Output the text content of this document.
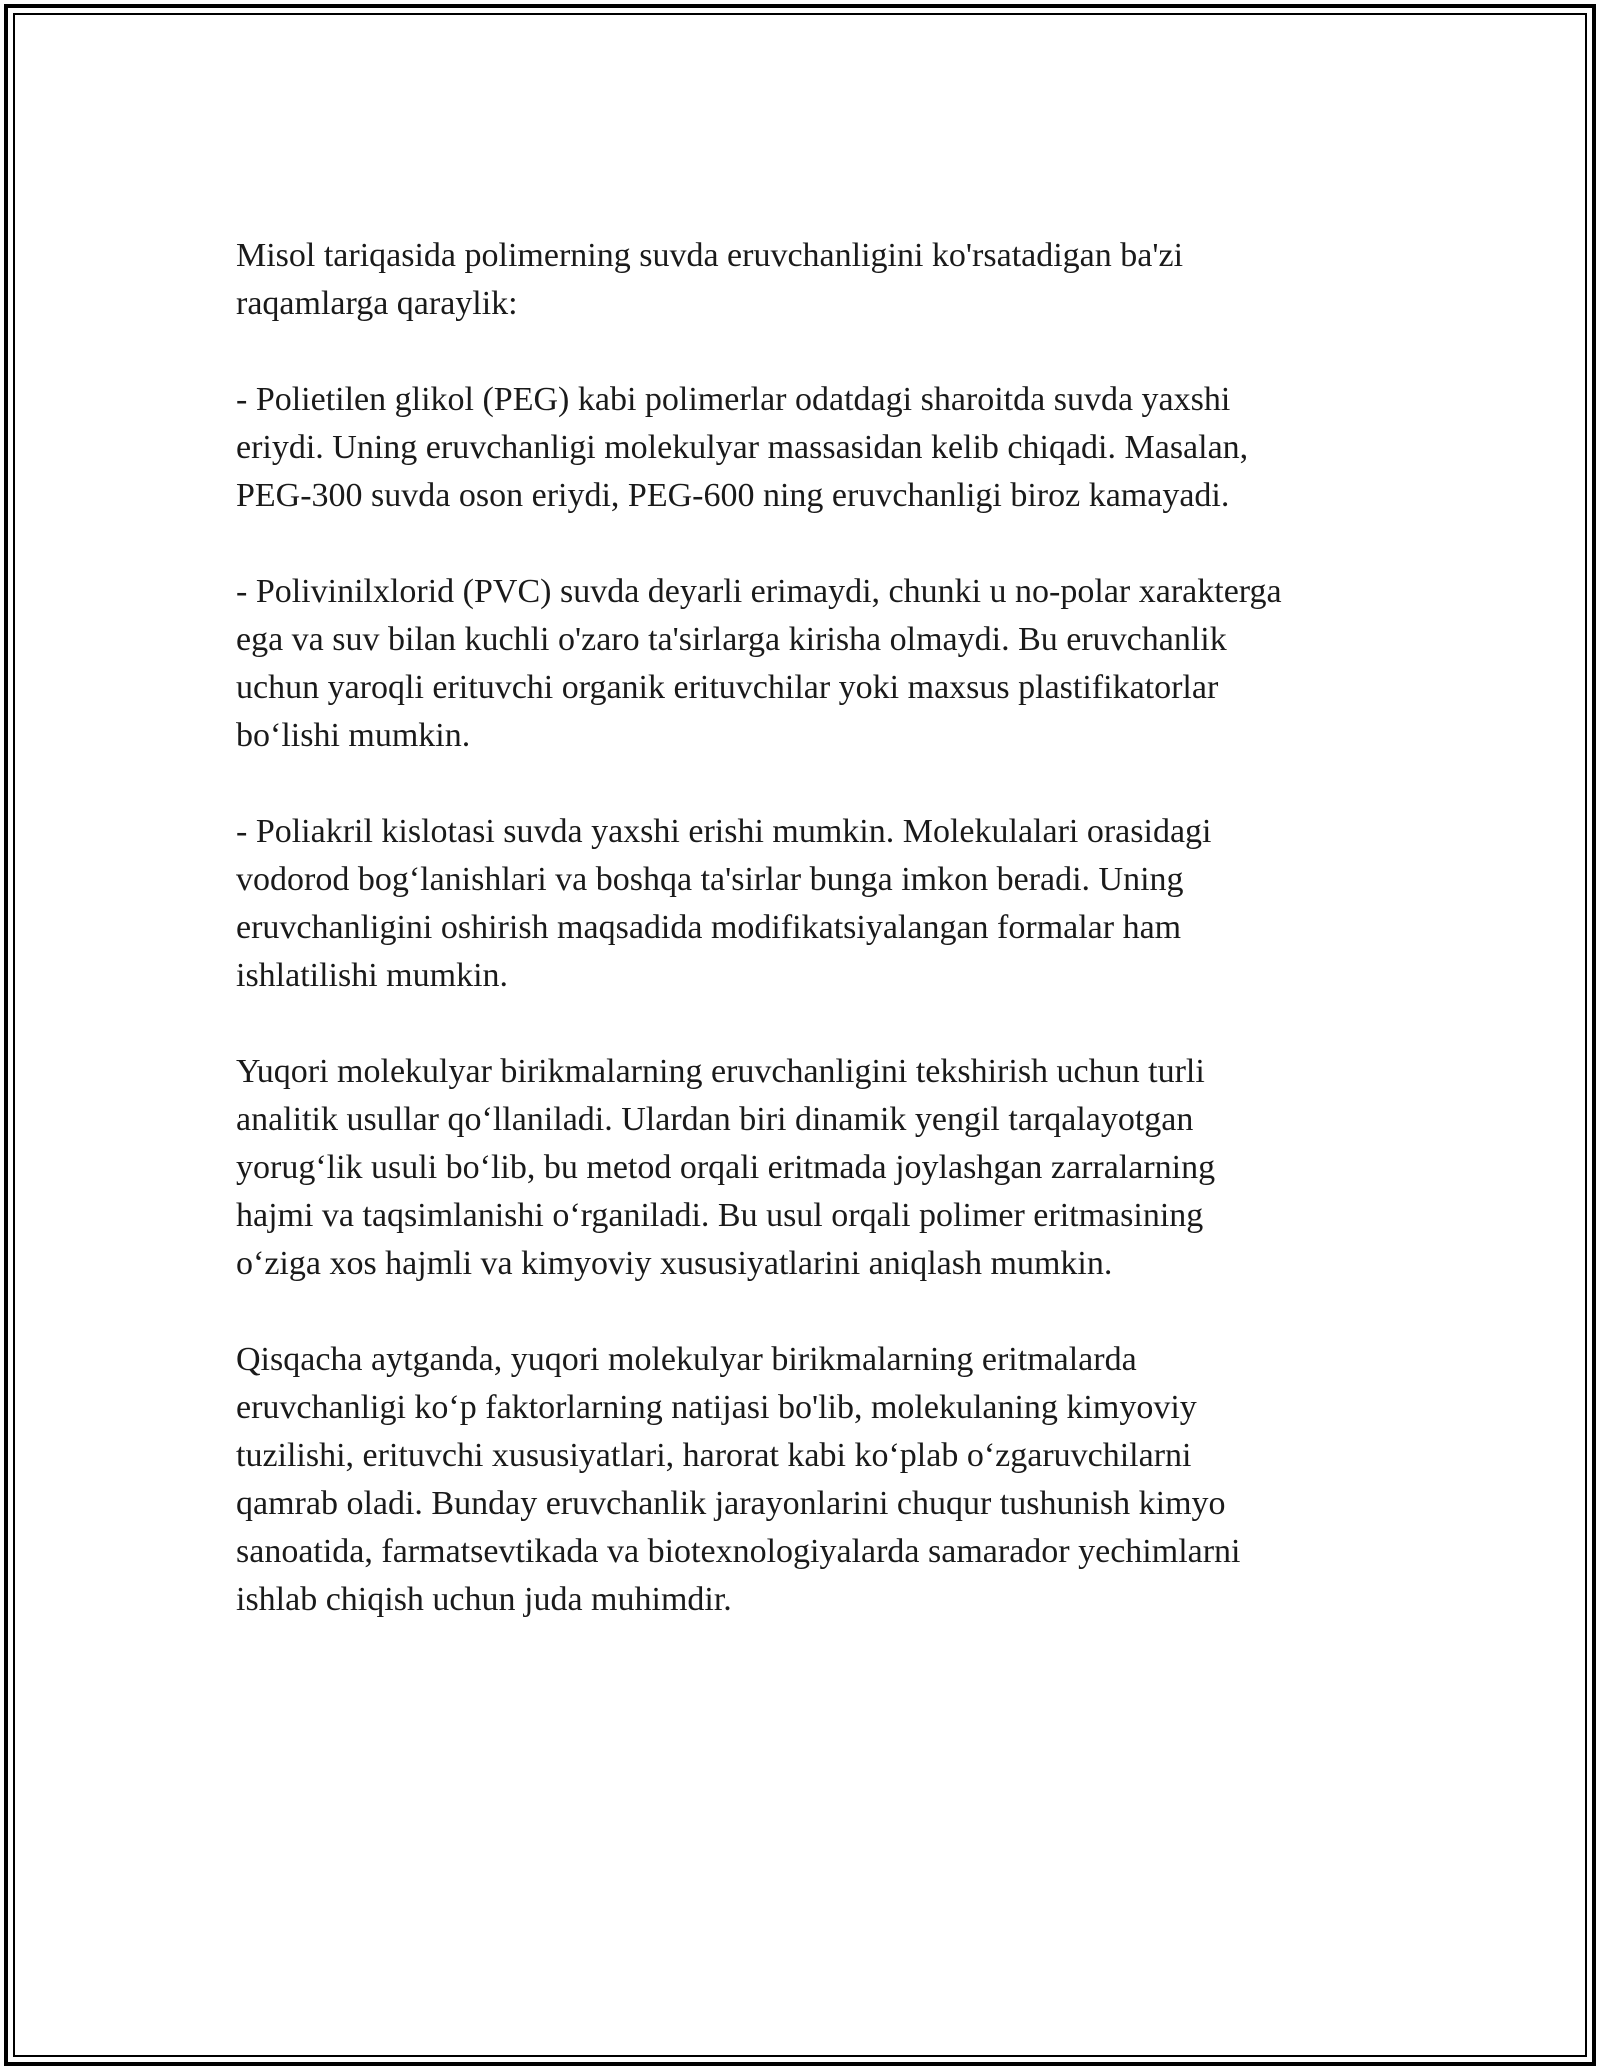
Misol tariqasida polimerning suvda eruvchanligini ko'rsatadigan ba'zi
raqamlarga qaraylik:

- Polietilen glikol (PEG) kabi polimerlar odatdagi sharoitda suvda yaxshi
eriydi. Uning eruvchanligi molekulyar massasidan kelib chiqadi. Masalan,
PEG-300 suvda oson eriydi, PEG-600 ning eruvchanligi biroz kamayadi.

- Polivinilxlorid (PVC) suvda deyarli erimaydi, chunki u no-polar xarakterga
ega va suv bilan kuchli o'zaro ta'sirlarga kirisha olmaydi. Bu eruvchanlik
uchun yaroqli erituvchi organik erituvchilar yoki maxsus plastifikatorlar
bo‘lishi mumkin.

- Poliakril kislotasi suvda yaxshi erishi mumkin. Molekulalari orasidagi
vodorod bog‘lanishlari va boshqa ta'sirlar bunga imkon beradi. Uning
eruvchanligini oshirish maqsadida modifikatsiyalangan formalar ham
ishlatilishi mumkin.

Yuqori molekulyar birikmalarning eruvchanligini tekshirish uchun turli
analitik usullar qo‘llaniladi. Ulardan biri dinamik yengil tarqalayotgan
yorug‘lik usuli bo‘lib, bu metod orqali eritmada joylashgan zarralarning
hajmi va taqsimlanishi o‘rganiladi. Bu usul orqali polimer eritmasining
o‘ziga xos hajmli va kimyoviy xususiyatlarini aniqlash mumkin.

Qisqacha aytganda, yuqori molekulyar birikmalarning eritmalarda
eruvchanligi ko‘p faktorlarning natijasi bo'lib, molekulaning kimyoviy
tuzilishi, erituvchi xususiyatlari, harorat kabi ko‘plab o‘zgaruvchilarni
qamrab oladi. Bunday eruvchanlik jarayonlarini chuqur tushunish kimyo
sanoatida, farmatsevtikada va biotexnologiyalarda samarador yechimlarni
ishlab chiqish uchun juda muhimdir.
